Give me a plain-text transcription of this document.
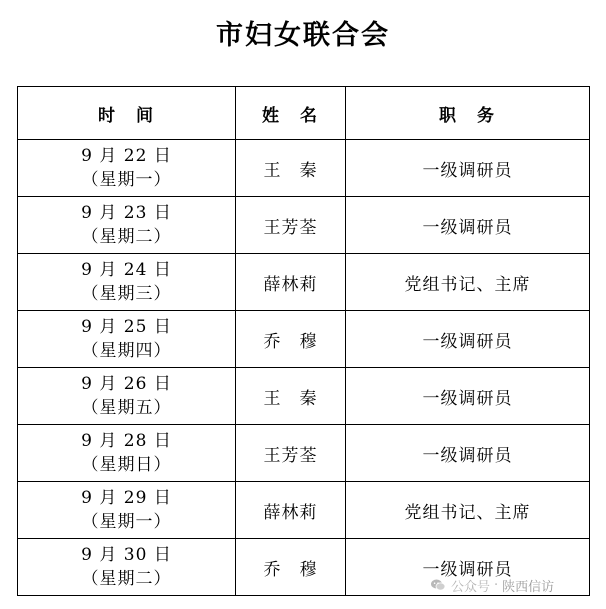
市妇女联合会
时　间	姓　名	职　务

9 月 22 日
（星期一）	王　秦	一级调研员

9 月 23 日
（星期二）	王芳荃	一级调研员

9 月 24 日
（星期三）	薛林莉	党组书记、主席

9 月 25 日
（星期四）	乔　穆	一级调研员

9 月 26 日
（星期五）	王　秦	一级调研员

9 月 28 日
（星期日）	王芳荃	一级调研员

9 月 29 日
（星期一）	薛林莉	党组书记、主席

9 月 30 日
（星期二）	乔　穆	一级调研员
公众号 · 陕西信访
